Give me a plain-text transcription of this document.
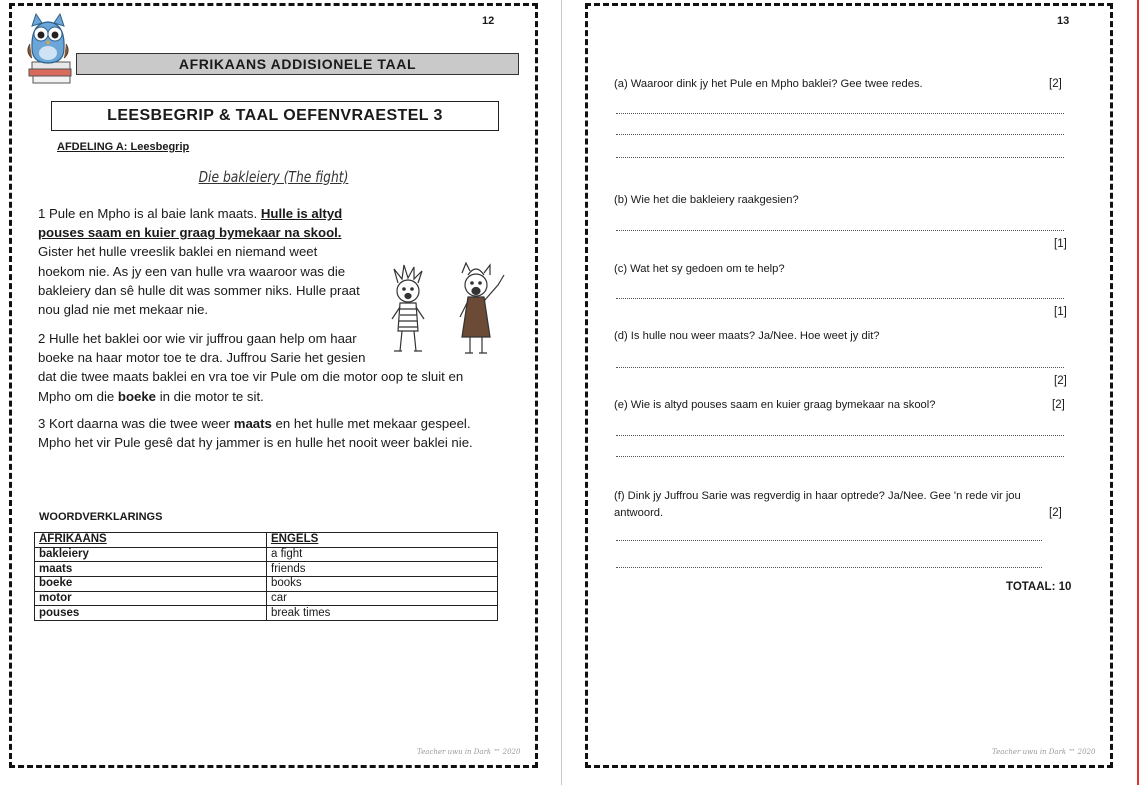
12
AFRIKAANS ADDISIONELE TAAL
LEESBEGRIP & TAAL OEFENVRAESTEL 3
AFDELING A: Leesbegrip
Die bakleiery (The fight)
1 Pule en Mpho is al baie lank maats. Hulle is altyd pouses saam en kuier graag bymekaar na skool. Gister het hulle vreeslik baklei en niemand weet hoekom nie. As jy een van hulle vra waaroor was die bakleiery dan sê hulle dit was sommer niks. Hulle praat nou glad nie met mekaar nie.
2 Hulle het baklei oor wie vir juffrou gaan help om haar boeke na haar motor toe te dra. Juffrou Sarie het gesien dat die twee maats baklei en vra toe vir Pule om die motor oop te sluit en Mpho om die boeke in die motor te sit.
3 Kort daarna was die twee weer maats en het hulle met mekaar gespeel. Mpho het vir Pule gesê dat hy jammer is en hulle het nooit weer baklei nie.
WOORDVERKLARINGS
AFRIKAANS	ENGELS
bakleiery	a fight
maats	friends
boeke	books
motor	car
pouses	break times
Teacher uwu in Dark ™ 2020
13
(a) Waaroor dink jy het Pule en Mpho baklei? Gee twee redes.	[2]
(b) Wie het die bakleiery raakgesien?
[1]
(c) Wat het sy gedoen om te help?
[1]
(d) Is hulle nou weer maats? Ja/Nee. Hoe weet jy dit?
[2]
(e) Wie is altyd pouses saam en kuier graag bymekaar na skool?	[2]
(f) Dink jy Juffrou Sarie was regverdig in haar optrede? Ja/Nee. Gee 'n rede vir jou antwoord.	[2]
TOTAAL: 10
Teacher uwu in Dark ™ 2020
